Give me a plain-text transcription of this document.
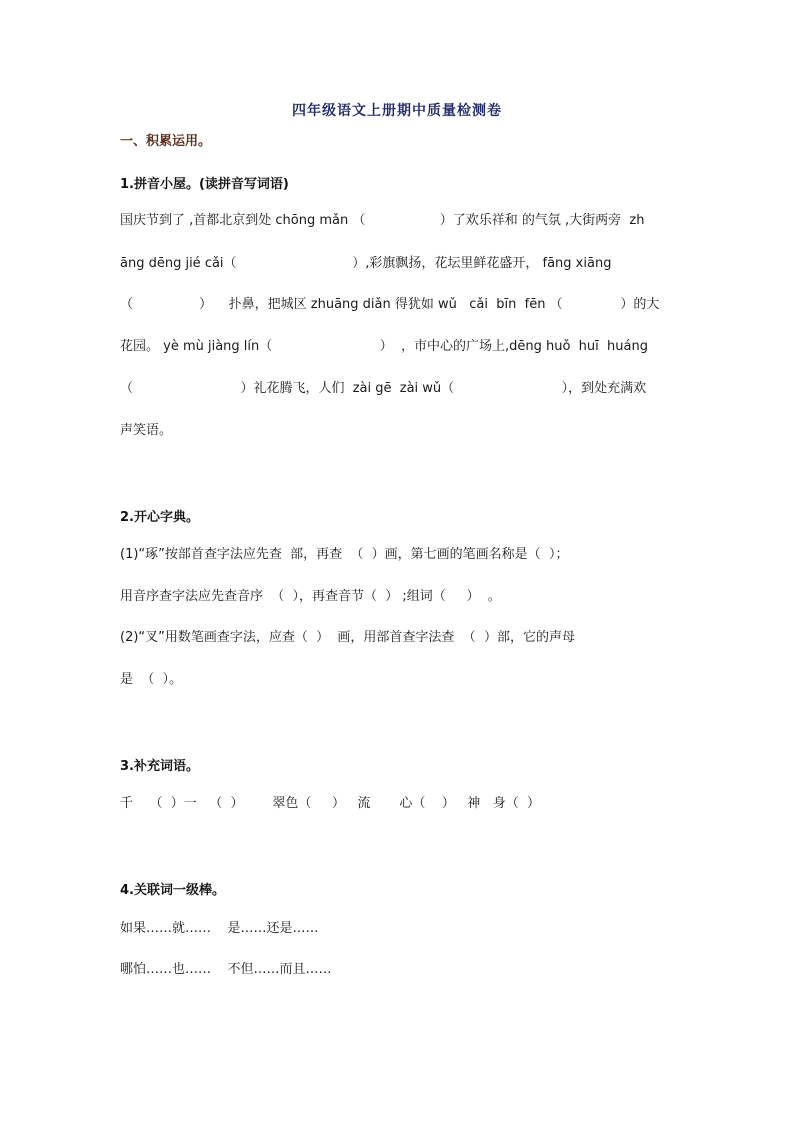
四年级语文上册期中质量检测卷
一、积累运用。
1.拼音小屋。(读拼音写词语)
国庆节到了 ,首都北京到处 chōng mǎn （                  ）了欢乐祥和 的气氛 ,大街两旁  zh
āng dēng jié cǎi（                            ）,彩旗飘扬，花坛里鲜花盛开， fāng xiāng
（                ）    扑鼻，把城区 zhuāng diǎn 得犹如 wǔ   cǎi  bīn  fēn （              ）的大
花园。 yè mù jiàng lín（                          ）  ，市中心的广场上,dēng huǒ  huī  huáng
（                          ）礼花腾飞，人们  zài gē  zài wǔ（                          ），到处充满欢
声笑语。
2.开心字典。
(1)“琢”按部首查字法应先查  部，再查  （  ）画，第七画的笔画名称是（  ）；
用音序查字法应先查音序  （  ），再查音节（  ） ;组词（     ）  。
(2)“叉”用数笔画查字法，应查（  ）  画，用部首查字法查  （  ）部，它的声母
是  （  ）。
3.补充词语。
千    （  ）一   （  ）       翠色（     ）   流       心（    ）   神   身（  ）
4.关联词一级棒。
如果……就……    是……还是……
哪怕……也……    不但……而且……
